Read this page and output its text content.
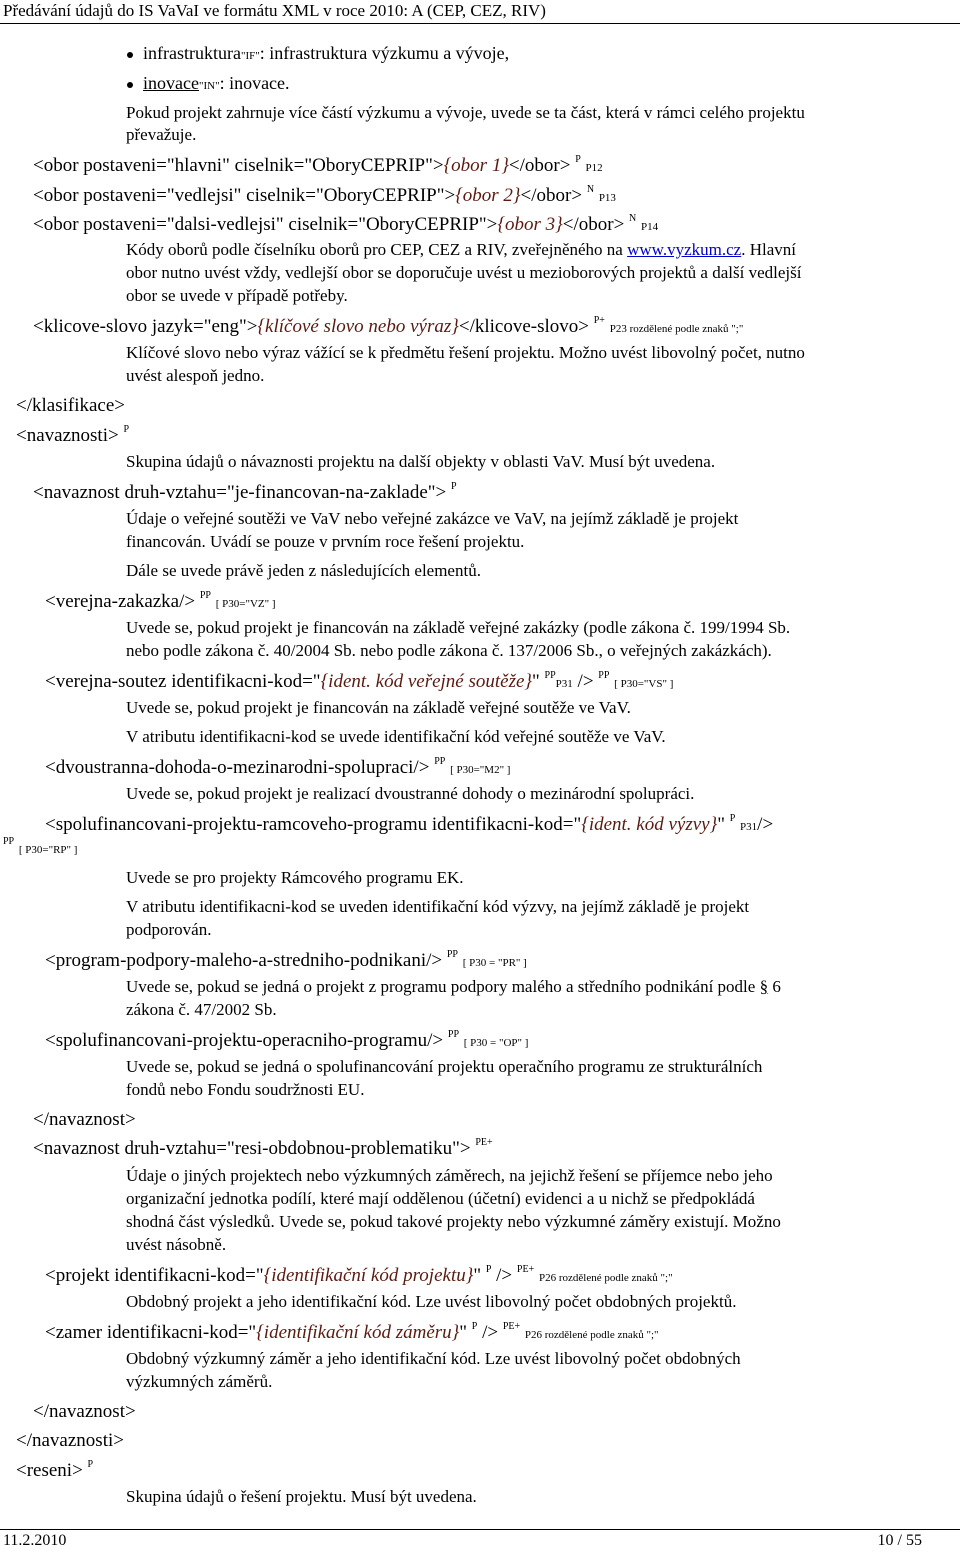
Předávání údajů do IS VaVaI ve formátu XML v roce 2010: A (CEP, CEZ, RIV)
infrastruktura"IF": infrastruktura výzkumu a vývoje,
inovace"IN": inovace.
Pokud projekt zahrnuje více částí výzkumu a vývoje, uvede se ta část, která v rámci celého projektu
převažuje.
<obor postaveni="hlavni" ciselnik="OboryCEPRIP">{obor 1}</obor> $^P$ P12
<obor postaveni="vedlejsi" ciselnik="OboryCEPRIP">{obor 2}</obor> $^N$ P13
<obor postaveni="dalsi-vedlejsi" ciselnik="OboryCEPRIP">{obor 3}</obor> $^N$ P14
Kódy oborů podle číselníku oborů pro CEP, CEZ a RIV, zveřejněného na www.vyzkum.cz. Hlavní
obor nutno uvést vždy, vedlejší obor se doporučuje uvést u mezioborových projektů a další vedlejší
obor se uvede v případě potřeby.
<klicove-slovo jazyk="eng">{klíčové slovo nebo výraz}</klicove-slovo> $^{P+}$ P23 rozdělené podle znaků ";"
Klíčové slovo nebo výraz vážící se k předmětu řešení projektu. Možno uvést libovolný počet, nutno
uvést alespoň jedno.
</klasifikace>
<navaznosti> $^P$
Skupina údajů o návaznosti projektu na další objekty v oblasti VaV. Musí být uvedena.
<navaznost druh-vztahu="je-financovan-na-zaklade"> $^P$
Údaje o veřejné soutěži ve VaV nebo veřejné zakázce ve VaV, na jejímž základě je projekt
financován. Uvádí se pouze v prvním roce řešení projektu.
Dále se uvede právě jeden z následujících elementů.
<verejna-zakazka/> $^{PP}$ [ P30="VZ" ]
Uvede se, pokud projekt je financován na základě veřejné zakázky (podle zákona č. 199/1994 Sb.
nebo podle zákona č. 40/2004 Sb. nebo podle zákona č. 137/2006 Sb., o veřejných zakázkách).
<verejna-soutez identifikacni-kod="{ident. kód veřejné soutěže}" $^{PP}$P31 /> $^{PP}$ [ P30="VS" ]
Uvede se, pokud projekt je financován na základě veřejné soutěže ve VaV.
V atributu identifikacni-kod se uvede identifikační kód veřejné soutěže ve VaV.
<dvoustranna-dohoda-o-mezinarodni-spolupraci/> $^{PP}$ [ P30="M2" ]
Uvede se, pokud projekt je realizací dvoustranné dohody o mezinárodní spolupráci.
<spolufinancovani-projektu-ramcoveho-programu identifikacni-kod="{ident. kód výzvy}" $^P$ P31/>
$^{PP}$ [ P30="RP" ]
Uvede se pro projekty Rámcového programu EK.
V atributu identifikacni-kod se uveden identifikační kód výzvy, na jejímž základě je projekt
podporován.
<program-podpory-maleho-a-stredniho-podnikani/> $^{PP}$ [ P30 = "PR" ]
Uvede se, pokud se jedná o projekt z programu podpory malého a středního podnikání podle § 6
zákona č. 47/2002 Sb.
<spolufinancovani-projektu-operacniho-programu/> $^{PP}$ [ P30 = "OP" ]
Uvede se, pokud se jedná o spolufinancování projektu operačního programu ze strukturálních
fondů nebo Fondu soudržnosti EU.
</navaznost>
<navaznost druh-vztahu="resi-obdobnou-problematiku"> $^{PE+}$
Údaje o jiných projektech nebo výzkumných záměrech, na jejichž řešení se příjemce nebo jeho
organizační jednotka podílí, které mají oddělenou (účetní) evidenci a u nichž se předpokládá
shodná část výsledků. Uvede se, pokud takové projekty nebo výzkumné záměry existují. Možno
uvést násobně.
<projekt identifikacni-kod="{identifikační kód projektu}" $^P$ /> $^{PE+}$ P26 rozdělené podle znaků ";"
Obdobný projekt a jeho identifikační kód. Lze uvést libovolný počet obdobných projektů.
<zamer identifikacni-kod="{identifikační kód záměru}" $^P$ /> $^{PE+}$ P26 rozdělené podle znaků ";"
Obdobný výzkumný záměr a jeho identifikační kód. Lze uvést libovolný počet obdobných
výzkumných záměrů.
</navaznost>
</navaznosti>
<reseni> $^P$
Skupina údajů o řešení projektu. Musí být uvedena.
11.2.2010	10 / 55
